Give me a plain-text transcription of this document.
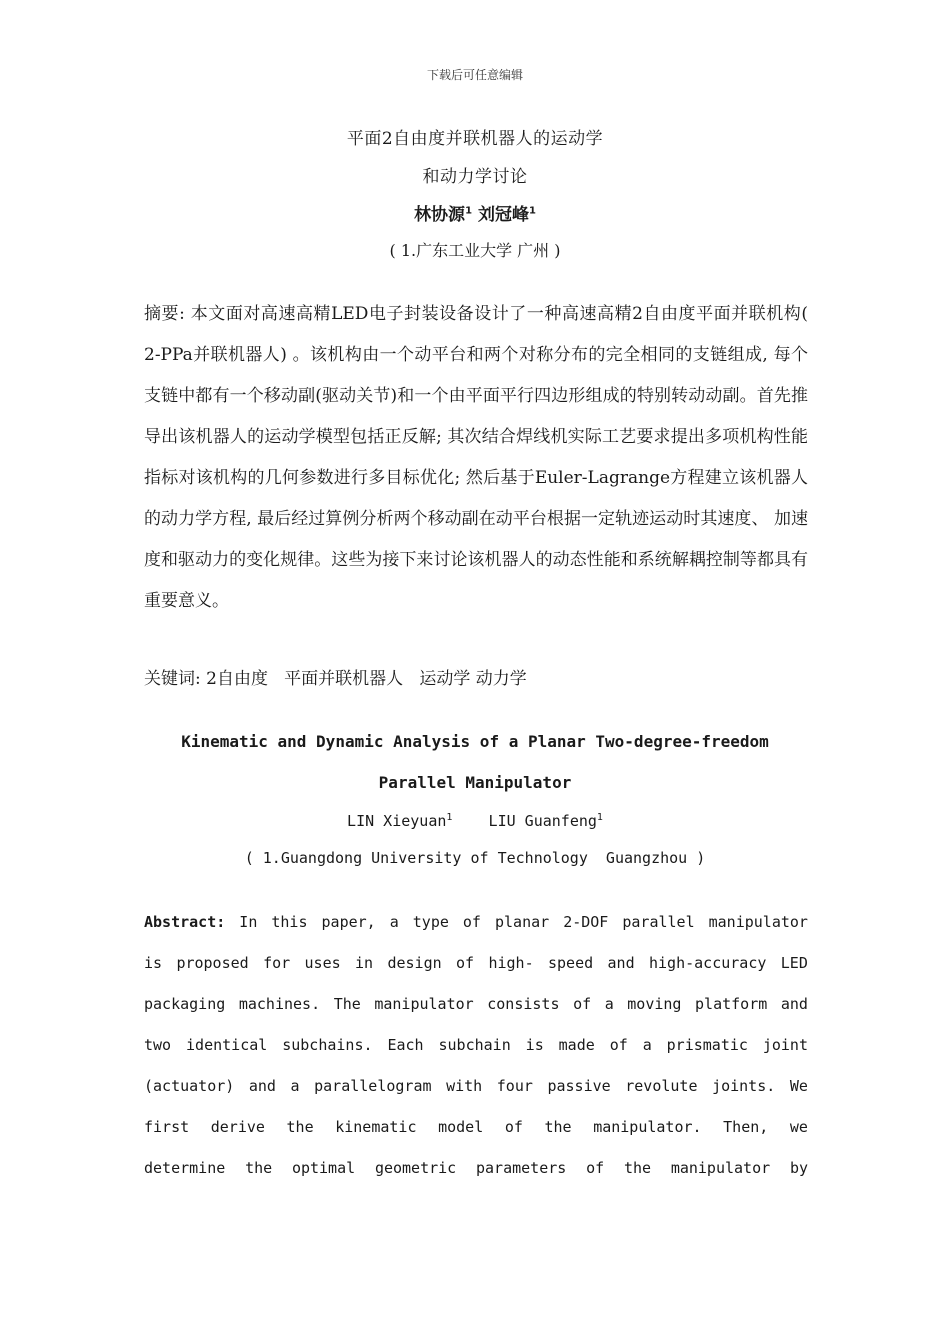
下载后可任意编辑
平面2自由度并联机器人的运动学
和动力学讨论
林协源$^1$ 刘冠峰$^1$
( 1.广东工业大学 广州 )
摘要: 本文面对高速高精LED电子封装设备设计了一种高速高精2自由度平面并联机构( 2-PPa并联机器人) 。该机构由一个动平台和两个对称分布的完全相同的支链组成, 每个支链中都有一个移动副(驱动关节)和一个由平面平行四边形组成的特别转动动副。首先推导出该机器人的运动学模型包括正反解; 其次结合焊线机实际工艺要求提出多项机构性能指标对该机构的几何参数进行多目标优化; 然后基于Euler-Lagrange方程建立该机器人的动力学方程, 最后经过算例分析两个移动副在动平台根据一定轨迹运动时其速度、 加速度和驱动力的变化规律。这些为接下来讨论该机器人的动态性能和系统解耦控制等都具有重要意义。
关键词: 2自由度   平面并联机器人   运动学 动力学
Kinematic and Dynamic Analysis of a Planar Two-degree-freedom
Parallel Manipulator
LIN Xieyuan$^1$ LIU Guanfeng$^1$
( 1.Guangdong University of Technology  Guangzhou )
Abstract: In this paper, a type of planar 2-DOF parallel manipulator
is proposed for uses in design of high- speed and high-accuracy LED
packaging machines. The manipulator consists of a moving platform and
two identical subchains. Each subchain is made of a prismatic joint
(actuator) and a parallelogram with four passive revolute joints. We
first derive the kinematic model of the manipulator. Then, we
determine the optimal geometric parameters of the manipulator by
